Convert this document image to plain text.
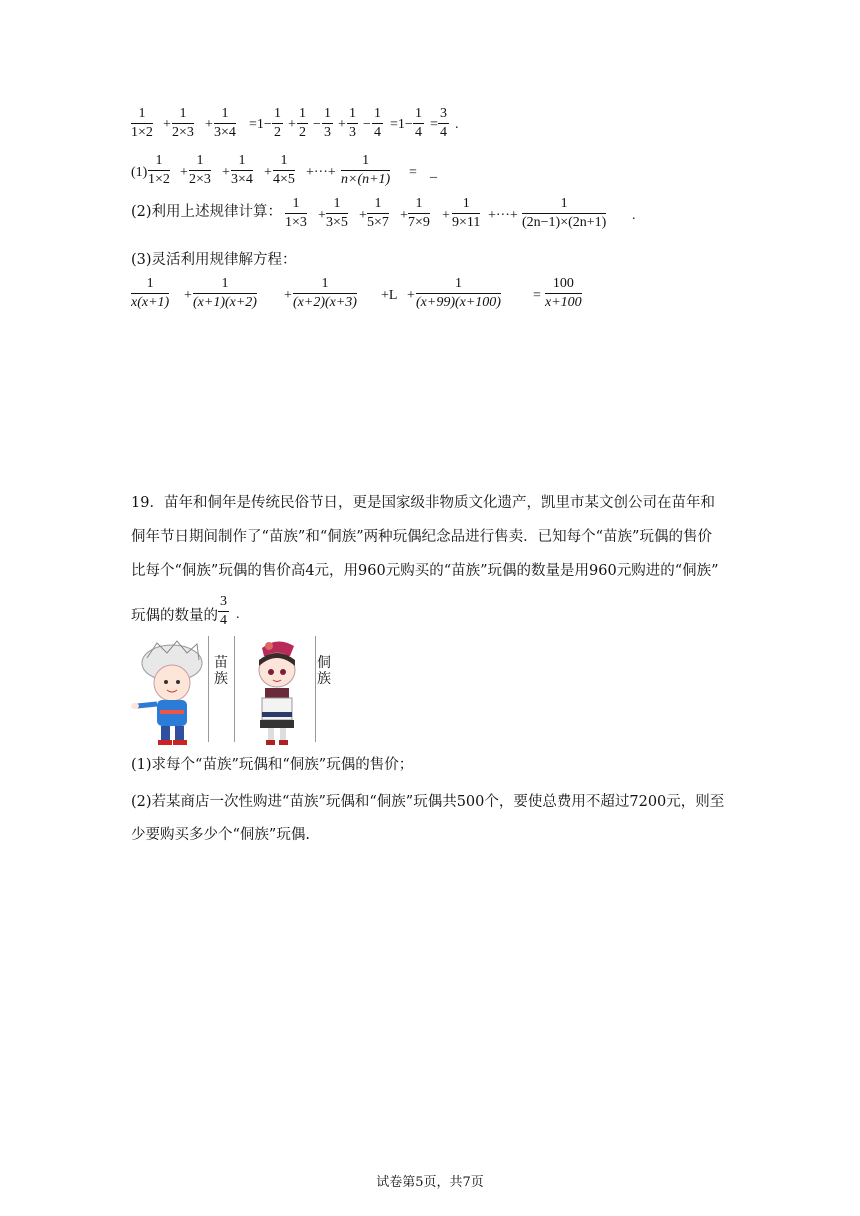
$\frac{1}{1\times 2} + \frac{1}{2\times 3} + \frac{1}{3\times 4} =1- \frac{1}{2} + \frac{1}{2} - \frac{1}{3} + \frac{1}{3} - \frac{1}{4} =1- \frac{1}{4} = \frac{3}{4}$ .
$(1) \frac{1}{1\times 2} + \frac{1}{2\times 3} + \frac{1}{3\times 4} + \frac{1}{4\times 5}$ +···+ $\frac{1}{n\times(n+1)}$ = _
(2)利用上述规律计算： $\frac{1}{1\times 3} + \frac{1}{3\times 5} + \frac{1}{5\times 7} + \frac{1}{7\times 9} + \frac{1}{9\times 11}$ +···+ $\frac{1}{(2n-1)\times(2n+1)}$ .
(3)灵活利用规律解方程：
$\frac{1}{x(x+1)} + \frac{1}{(x+1)(x+2)} + \frac{1}{(x+2)(x+3)} +L + \frac{1}{(x+99)(x+100)} = \frac{100}{x+100}$
19．苗年和侗年是传统民俗节日，更是国家级非物质文化遗产，凯里市某文创公司在苗年和
侗年节日期间制作了“苗族”和“侗族”两种玩偶纪念品进行售卖．已知每个“苗族”玩偶的售价
比每个“侗族”玩偶的售价高4元，用960元购买的“苗族”玩偶的数量是用960元购进的“侗族”
玩偶的数量的 $\frac{3}{4}$ .
苗族
侗族
(1)求每个“苗族”玩偶和“侗族”玩偶的售价；
(2)若某商店一次性购进“苗族”玩偶和“侗族”玩偶共500个，要使总费用不超过7200元，则至
少要购买多少个“侗族”玩偶.
试卷第5页，共7页
